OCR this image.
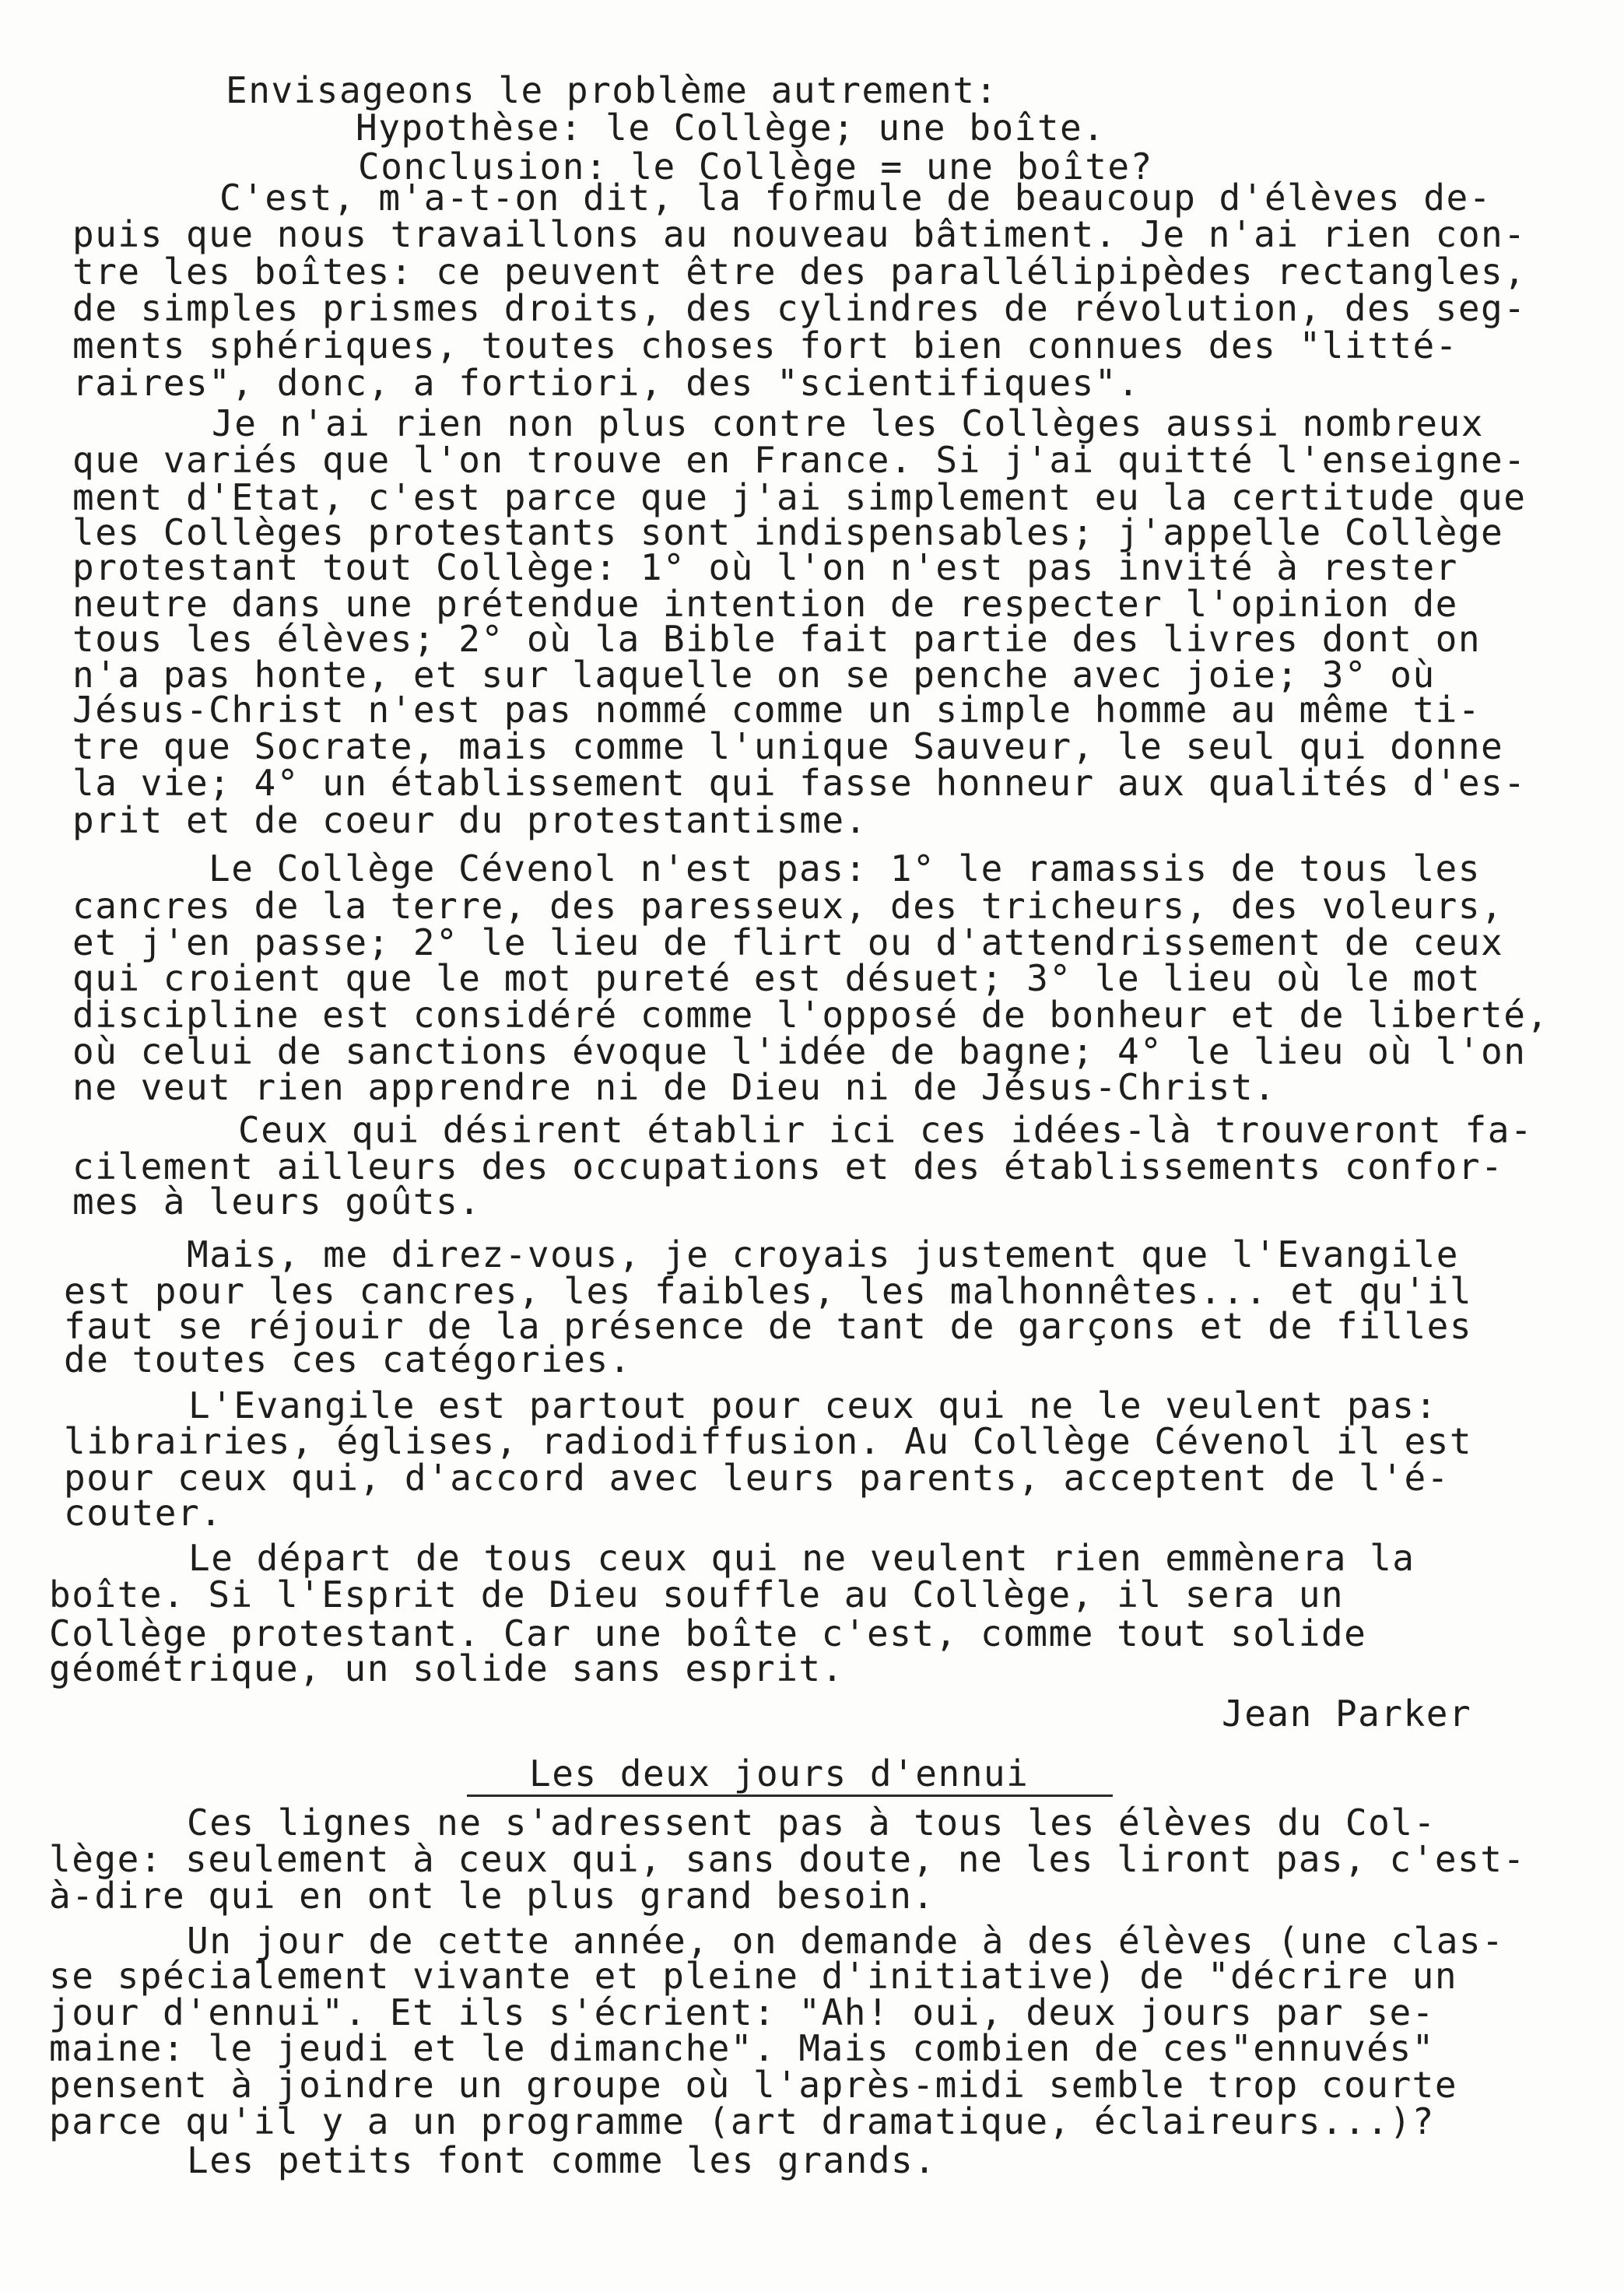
Envisageons le problème autrement:
Hypothèse: le Collège; une boîte.
Conclusion: le Collège = une boîte?
C'est, m'a-t-on dit, la formule de beaucoup d'élèves de-
puis que nous travaillons au nouveau bâtiment. Je n'ai rien con-
tre les boîtes: ce peuvent être des parallélipipèdes rectangles,
de simples prismes droits, des cylindres de révolution, des seg-
ments sphériques, toutes choses fort bien connues des "litté-
raires", donc, a fortiori, des "scientifiques".
Je n'ai rien non plus contre les Collèges aussi nombreux
que variés que l'on trouve en France. Si j'ai quitté l'enseigne-
ment d'Etat, c'est parce que j'ai simplement eu la certitude que
les Collèges protestants sont indispensables; j'appelle Collège
protestant tout Collège: 1° où l'on n'est pas invité à rester
neutre dans une prétendue intention de respecter l'opinion de
tous les élèves; 2° où la Bible fait partie des livres dont on
n'a pas honte, et sur laquelle on se penche avec joie; 3° où
Jésus-Christ n'est pas nommé comme un simple homme au même ti-
tre que Socrate, mais comme l'unique Sauveur, le seul qui donne
la vie; 4° un établissement qui fasse honneur aux qualités d'es-
prit et de coeur du protestantisme.
Le Collège Cévenol n'est pas: 1° le ramassis de tous les
cancres de la terre, des paresseux, des tricheurs, des voleurs,
et j'en passe; 2° le lieu de flirt ou d'attendrissement de ceux
qui croient que le mot pureté est désuet; 3° le lieu où le mot
discipline est considéré comme l'opposé de bonheur et de liberté,
où celui de sanctions évoque l'idée de bagne; 4° le lieu où l'on
ne veut rien apprendre ni de Dieu ni de Jésus-Christ.
Ceux qui désirent établir ici ces idées-là trouveront fa-
cilement ailleurs des occupations et des établissements confor-
mes à leurs goûts.
Mais, me direz-vous, je croyais justement que l'Evangile
est pour les cancres, les faibles, les malhonnêtes... et qu'il
faut se réjouir de la présence de tant de garçons et de filles
de toutes ces catégories.
L'Evangile est partout pour ceux qui ne le veulent pas:
librairies, églises, radiodiffusion. Au Collège Cévenol il est
pour ceux qui, d'accord avec leurs parents, acceptent de l'é-
couter.
Le départ de tous ceux qui ne veulent rien emmènera la
boîte. Si l'Esprit de Dieu souffle au Collège, il sera un
Collège protestant. Car une boîte c'est, comme tout solide
géométrique, un solide sans esprit.
Jean Parker
Les deux jours d'ennui
Ces lignes ne s'adressent pas à tous les élèves du Col-
lège: seulement à ceux qui, sans doute, ne les liront pas, c'est-
à-dire qui en ont le plus grand besoin.
Un jour de cette année, on demande à des élèves (une clas-
se spécialement vivante et pleine d'initiative) de "décrire un
jour d'ennui". Et ils s'écrient: "Ah! oui, deux jours par se-
maine: le jeudi et le dimanche". Mais combien de ces"ennuvés"
pensent à joindre un groupe où l'après-midi semble trop courte
parce qu'il y a un programme (art dramatique, éclaireurs...)?
Les petits font comme les grands.
